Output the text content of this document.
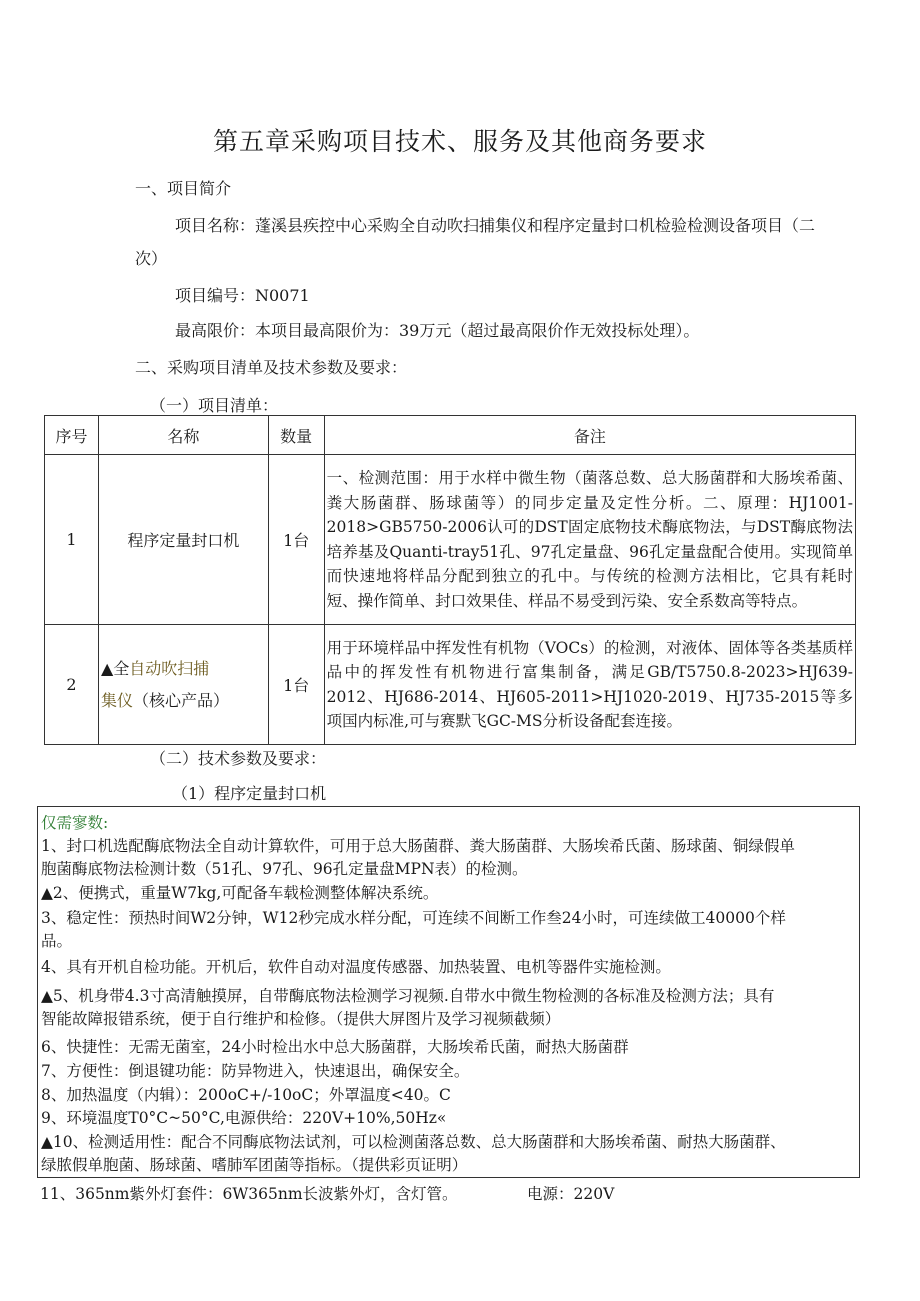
第五章采购项目技术、服务及其他商务要求
一、项目简介
项目名称：蓬溪县疾控中心采购全自动吹扫捕集仪和程序定量封口机检验检测设备项目（二
次）
项目编号：N0071
最高限价：本项目最高限价为：39万元（超过最高限价作无效投标处理）。
二、采购项目清单及技术参数及要求：
（一）项目清单：
序号	名称	数量	备注
1	程序定量封口机	1台	一、检测范围：用于水样中微生物（菌落总数、总大肠菌群和大肠埃希菌、粪大肠菌群、肠球菌等）的同步定量及定性分析。二、原理：HJ1001-2018>GB5750-2006认可的DST固定底物技术酶底物法，与DST酶底物法培养基及Quanti-tray51孔、97孔定量盘、96孔定量盘配合使用。实现简单而快速地将样品分配到独立的孔中。与传统的检测方法相比，它具有耗时短、操作简单、封口效果佳、样品不易受到污染、安全系数高等特点。
2	▲全自动吹扫捕
集仪（核心产品）	1台	用于环境样品中挥发性有机物（VOCs）的检测，对液体、固体等各类基质样品中的挥发性有机物进行富集制备，满足GB/T5750.8-2023>HJ639-2012、HJ686-2014、HJ605-2011>HJ1020-2019、HJ735-2015等多项国内标准,可与赛默飞GC-MS分析设备配套连接。
（二）技术参数及要求：
（1）程序定量封口机
仅需寥数:
1、封口机选配酶底物法全自动计算软件，可用于总大肠菌群、粪大肠菌群、大肠埃希氏菌、肠球菌、铜绿假单
胞菌酶底物法检测计数（51孔、97孔、96孔定量盘MPN表）的检测。
▲2、便携式，重量W7kg,可配备车载检测整体解决系统。
3、稳定性：预热时间W2分钟，W12秒完成水样分配，可连续不间断工作叁24小时，可连续做工40000个样
品。
4、具有开机自检功能。开机后，软件自动对温度传感器、加热装置、电机等器件实施检测。
▲5、机身带4.3寸高清触摸屏，自带酶底物法检测学习视频.自带水中微生物检测的各标准及检测方法；具有
智能故障报错系统，便于自行维护和检修。（提供大屏图片及学习视频截频）
6、快捷性：无需无菌室，24小时检出水中总大肠菌群，大肠埃希氏菌，耐热大肠菌群
7、方便性：倒退键功能：防异物进入，快速退出，确保安全。
8、加热温度（内辑）：200oC+/-10oC；外罩温度<40。C
9、环境温度T0°C~50°C,电源供给：220V+10%,50Hz«
▲10、检测适用性：配合不同酶底物法试剂，可以检测菌落总数、总大肠菌群和大肠埃希菌、耐热大肠菌群、
绿脓假单胞菌、肠球菌、嗜肺军团菌等指标。（提供彩页证明）
11、365nm紫外灯套件：6W365nm长波紫外灯，含灯管。	电源：220V
